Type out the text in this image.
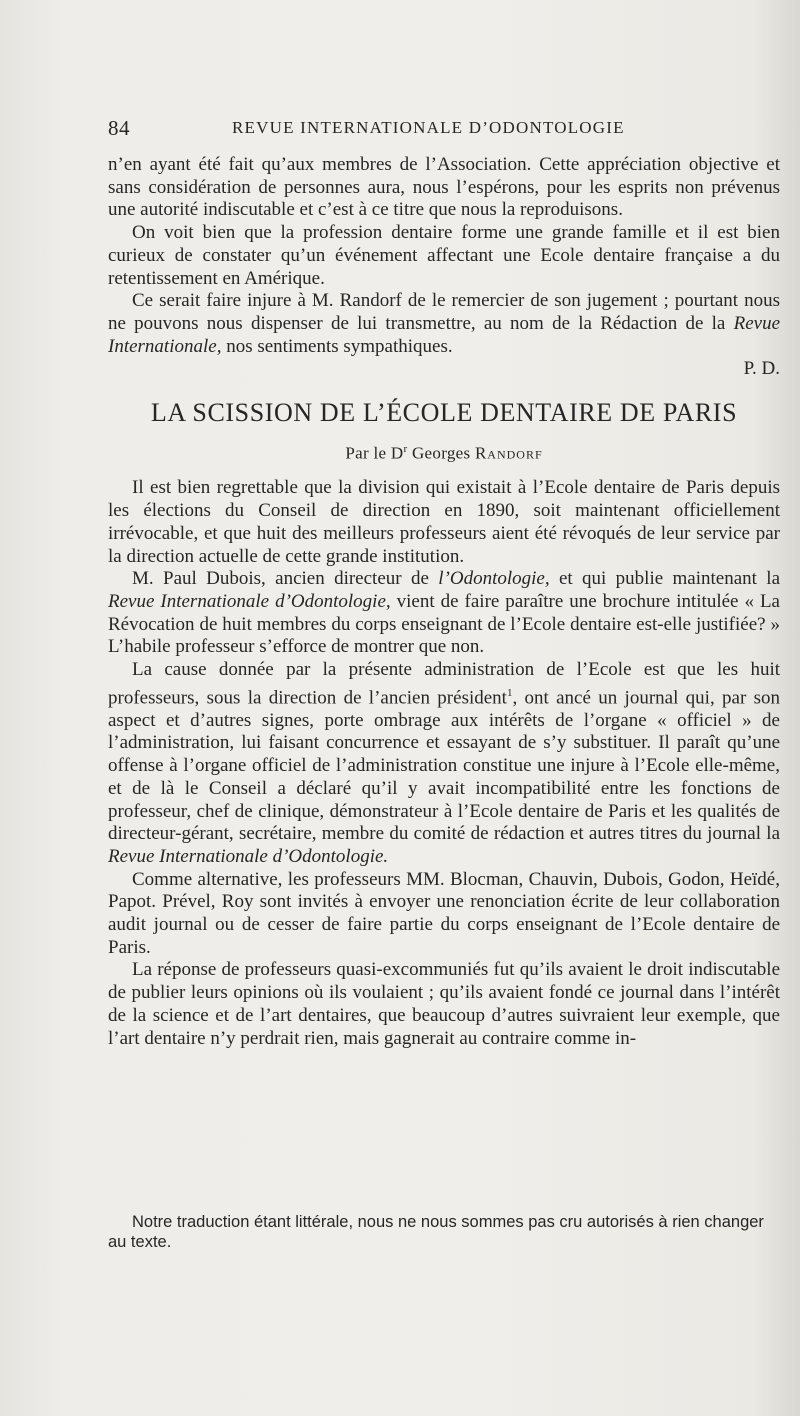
84	REVUE INTERNATIONALE D’ODONTOLOGIE

n’en ayant été fait qu’aux membres de l’Association. Cette appréciation objective et sans considération de personnes aura, nous l’espérons, pour les esprits non prévenus une autorité indiscutable et c’est à ce titre que nous la reproduisons.

On voit bien que la profession dentaire forme une grande famille et il est bien curieux de constater qu’un événement affectant une Ecole dentaire française a du retentissement en Amérique.

Ce serait faire injure à M. Randorf de le remercier de son jugement ; pourtant nous ne pouvons nous dispenser de lui transmettre, au nom de la Rédaction de la Revue Internationale, nos sentiments sympathiques.

P. D.

LA SCISSION DE L’ÉCOLE DENTAIRE DE PARIS
Par le $D^r$ Georges Randorf

Il est bien regrettable que la division qui existait à l’Ecole dentaire de Paris depuis les élections du Conseil de direction en 1890, soit maintenant officiellement irrévocable, et que huit des meilleurs professeurs aient été révoqués de leur service par la direction actuelle de cette grande institution.

M. Paul Dubois, ancien directeur de l’Odontologie, et qui publie maintenant la Revue Internationale d’Odontologie, vient de faire paraître une brochure intitulée « La Révocation de huit membres du corps enseignant de l’Ecole dentaire est-elle justifiée? » L’habile professeur s’efforce de montrer que non.

La cause donnée par la présente administration de l’Ecole est que les huit professeurs, sous la direction de l’ancien président$^1$, ont ancé un journal qui, par son aspect et d’autres signes, porte ombrage aux intérêts de l’organe « officiel » de l’administration, lui faisant concurrence et essayant de s’y substituer. Il paraît qu’une offense à l’organe officiel de l’administration constitue une injure à l’Ecole elle-même, et de là le Conseil a déclaré qu’il y avait incompatibilité entre les fonctions de professeur, chef de clinique, démonstrateur à l’Ecole dentaire de Paris et les qualités de directeur-gérant, secrétaire, membre du comité de rédaction et autres titres du journal la Revue Internationale d’Odontologie.

Comme alternative, les professeurs MM. Blocman, Chauvin, Dubois, Godon, Heïdé, Papot. Prével, Roy sont invités à envoyer une renonciation écrite de leur collaboration audit journal ou de cesser de faire partie du corps enseignant de l’Ecole dentaire de Paris.

La réponse de professeurs quasi-excommuniés fut qu’ils avaient le droit indiscutable de publier leurs opinions où ils voulaient ; qu’ils avaient fondé ce journal dans l’intérêt de la science et de l’art dentaires, que beaucoup d’autres suivraient leur exemple, que l’art dentaire n’y perdrait rien, mais gagnerait au contraire comme in-

Notre traduction étant littérale, nous ne nous sommes pas cru autorisés à rien changer au texte.
